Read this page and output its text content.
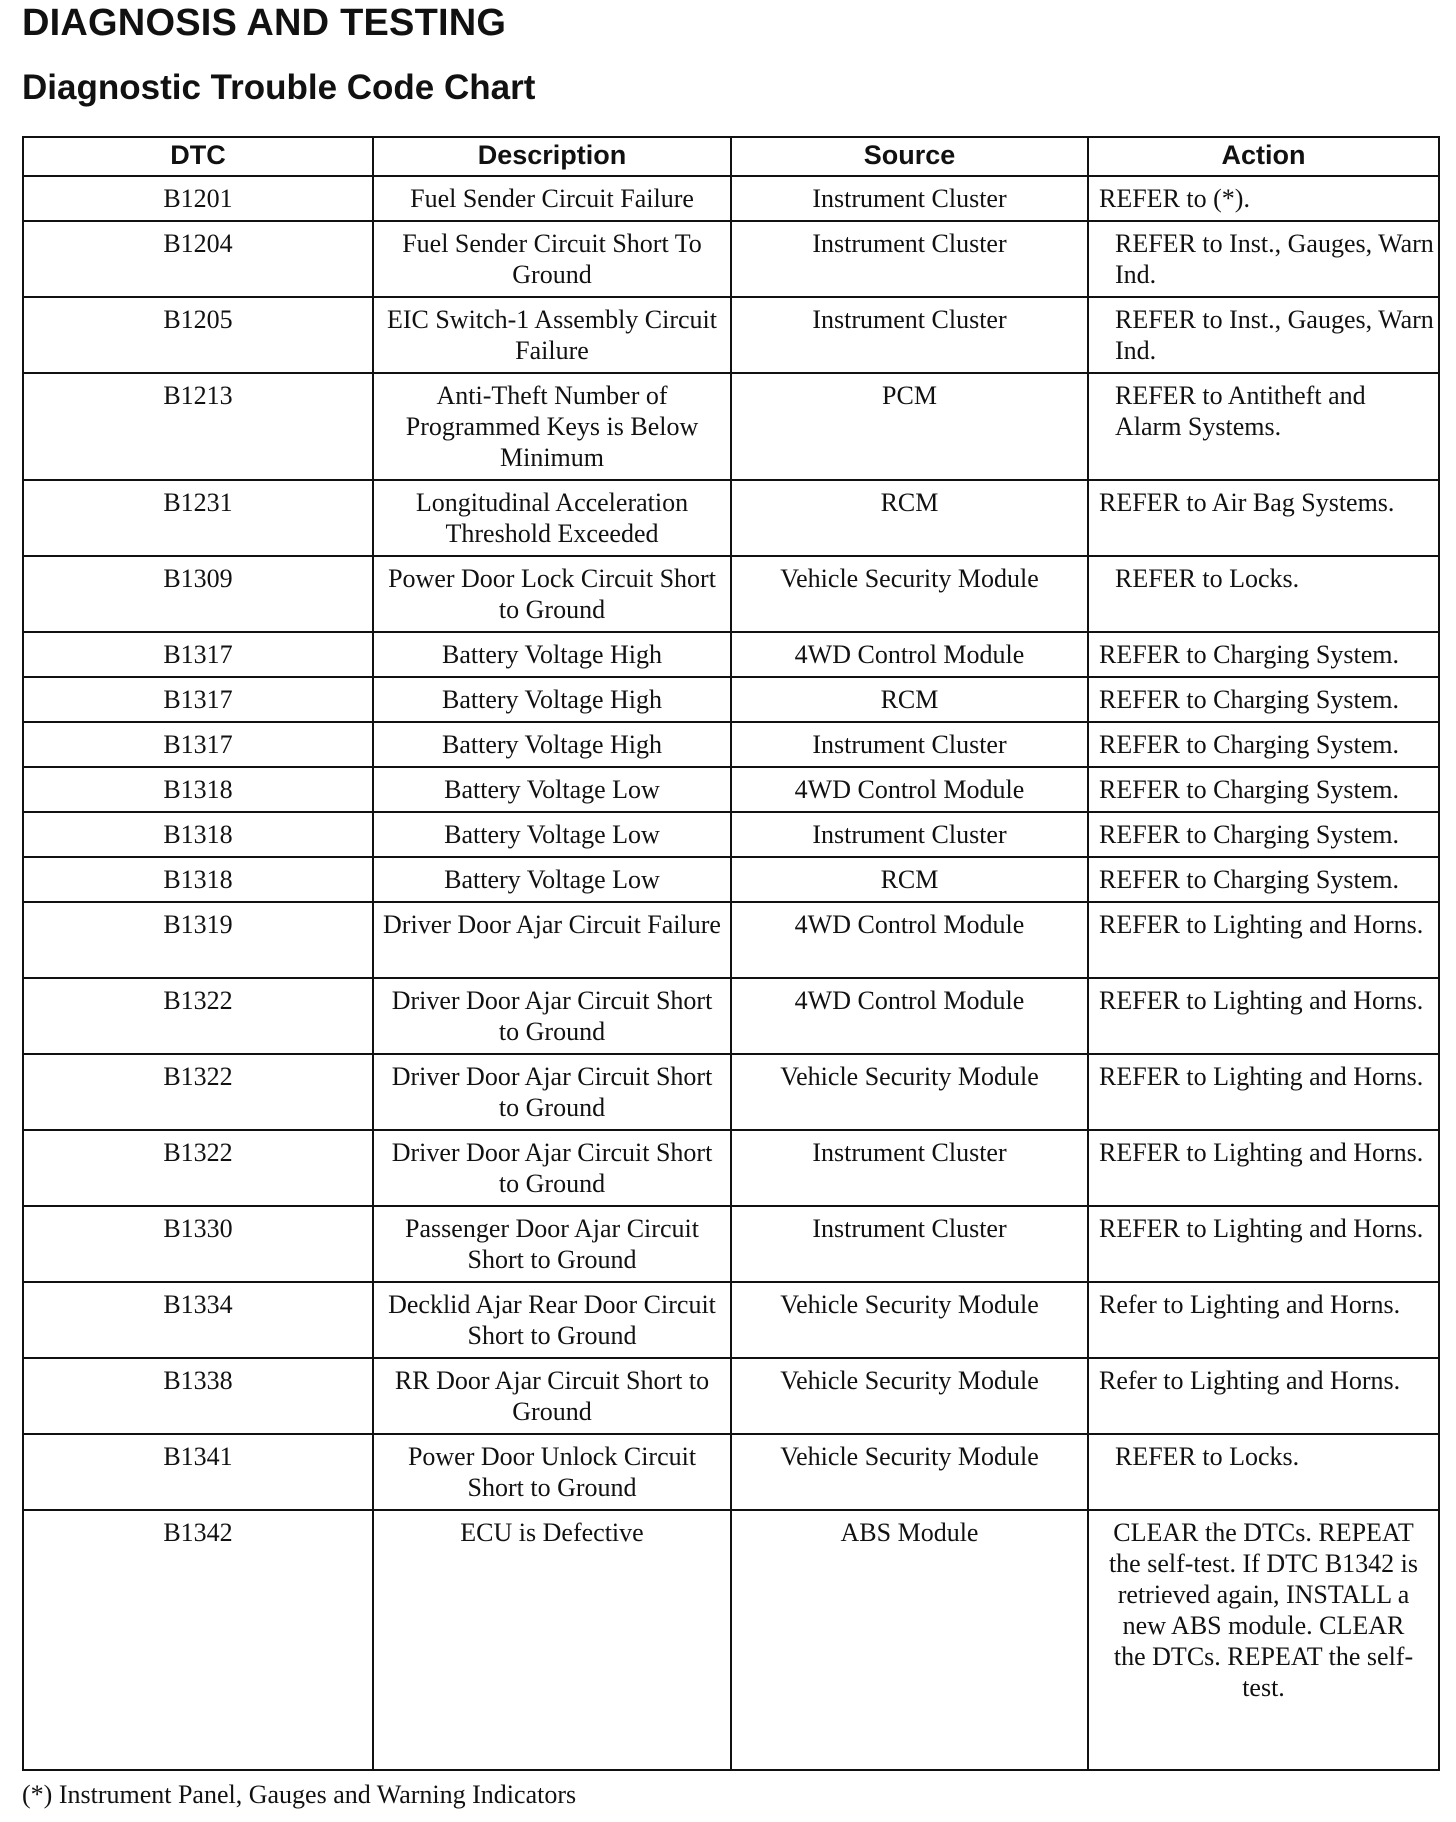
DIAGNOSIS AND TESTING
Diagnostic Trouble Code Chart
DTC	Description	Source	Action
B1201	Fuel Sender Circuit Failure	Instrument Cluster	REFER to (*).
B1204	Fuel Sender Circuit Short To Ground	Instrument Cluster	REFER to Inst., Gauges, Warn Ind.
B1205	EIC Switch-1 Assembly Circuit Failure	Instrument Cluster	REFER to Inst., Gauges, Warn Ind.
B1213	Anti-Theft Number of Programmed Keys is Below Minimum	PCM	REFER to Antitheft and Alarm Systems.
B1231	Longitudinal Acceleration Threshold Exceeded	RCM	REFER to Air Bag Systems.
B1309	Power Door Lock Circuit Short to Ground	Vehicle Security Module	REFER to Locks.
B1317	Battery Voltage High	4WD Control Module	REFER to Charging System.
B1317	Battery Voltage High	RCM	REFER to Charging System.
B1317	Battery Voltage High	Instrument Cluster	REFER to Charging System.
B1318	Battery Voltage Low	4WD Control Module	REFER to Charging System.
B1318	Battery Voltage Low	Instrument Cluster	REFER to Charging System.
B1318	Battery Voltage Low	RCM	REFER to Charging System.
B1319	Driver Door Ajar Circuit Failure	4WD Control Module	REFER to Lighting and Horns.
B1322	Driver Door Ajar Circuit Short to Ground	4WD Control Module	REFER to Lighting and Horns.
B1322	Driver Door Ajar Circuit Short to Ground	Vehicle Security Module	REFER to Lighting and Horns.
B1322	Driver Door Ajar Circuit Short to Ground	Instrument Cluster	REFER to Lighting and Horns.
B1330	Passenger Door Ajar Circuit Short to Ground	Instrument Cluster	REFER to Lighting and Horns.
B1334	Decklid Ajar Rear Door Circuit Short to Ground	Vehicle Security Module	Refer to Lighting and Horns.
B1338	RR Door Ajar Circuit Short to Ground	Vehicle Security Module	Refer to Lighting and Horns.
B1341	Power Door Unlock Circuit Short to Ground	Vehicle Security Module	REFER to Locks.
B1342	ECU is Defective	ABS Module	CLEAR the DTCs. REPEAT the self-test. If DTC B1342 is retrieved again, INSTALL a new ABS module. CLEAR the DTCs. REPEAT the self-test.

(*) Instrument Panel, Gauges and Warning Indicators
